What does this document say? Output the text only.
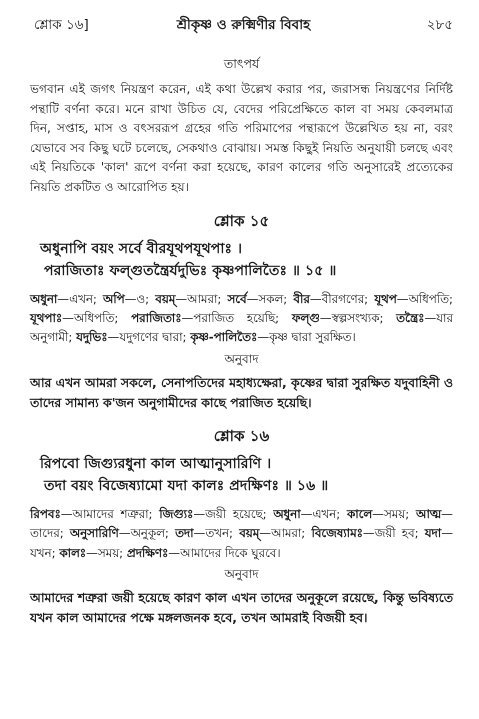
শ্লোক ১৬]	শ্রীকৃষ্ণ ও রুক্মিণীর বিবাহ	২৮৫
তাৎপর্য

ভগবান এই জগৎ নিয়ন্ত্রণ করেন, এই কথা উল্লেখ করার পর, জরাসন্ধ নিয়ন্ত্রণের নির্দিষ্ট পন্থাটি বর্ণনা করে। মনে রাখা উচিত যে, বেদের পরিপ্রেক্ষিতে কাল বা সময় কেবলমাত্র দিন, সপ্তাহ, মাস ও বৎসররূপ গ্রহের গতি পরিমাপের পন্থারূপে উল্লেখিত হয় না, বরং যেভাবে সব কিছু ঘটে চলেছে, সেকথাও বোঝায়। সমস্ত কিছুই নিয়তি অনুযায়ী চলছে এবং এই নিয়তিকে 'কাল' রূপে বর্ণনা করা হয়েছে, কারণ কালের গতি অনুসারেই প্রত্যেকের নিয়তি প্রকটিত ও আরোপিত হয়।

শ্লোক ১৫

অধুনাপি বয়ং সর্বে বীরযূথপযূথপাঃ ।
পরাজিতাঃ ফল্গুতন্ত্রৈর্যদুভিঃ কৃষ্ণপালিতৈঃ ॥ ১৫ ॥

অধুনা—এখন; অপি—ও; বয়ম্—আমরা; সর্বে—সকল; বীর—বীরগণের; যূথপ—অধিপতি; যূথপাঃ—অধিপতি; পরাজিতাঃ—পরাজিত হয়েছি; ফল্গু—স্বল্পসংখ্যক; তন্ত্রৈঃ—যার অনুগামী; যদুভিঃ—যদুগণের দ্বারা; কৃষ্ণ-পালিতৈঃ—কৃষ্ণ দ্বারা সুরক্ষিত।

অনুবাদ

আর এখন আমরা সকলে, সেনাপতিদের মহাধ্যক্ষেরা, কৃষ্ণের দ্বারা সুরক্ষিত যদুবাহিনী ও তাদের সামান্য ক'জন অনুগামীদের কাছে পরাজিত হয়েছি।

শ্লোক ১৬

রিপবো জিগ্যুরধুনা কাল আত্মানুসারিণি ।
তদা বয়ং বিজেষ্যামো যদা কালঃ প্রদক্ষিণঃ ॥ ১৬ ॥

রিপবঃ—আমাদের শত্রুরা; জিগ্যুঃ—জয়ী হয়েছে; অধুনা—এখন; কালে—সময়; আত্ম—তাদের; অনুসারিণি—অনুকূল; তদা—তখন; বয়ম্—আমরা; বিজেষ্যামঃ—জয়ী হব; যদা—যখন; কালঃ—সময়; প্রদক্ষিণঃ—আমাদের দিকে ঘুরবে।

অনুবাদ

আমাদের শত্রুরা জয়ী হয়েছে কারণ কাল এখন তাদের অনুকূলে রয়েছে, কিন্তু ভবিষ্যতে যখন কাল আমাদের পক্ষে মঙ্গলজনক হবে, তখন আমরাই বিজয়ী হব।
